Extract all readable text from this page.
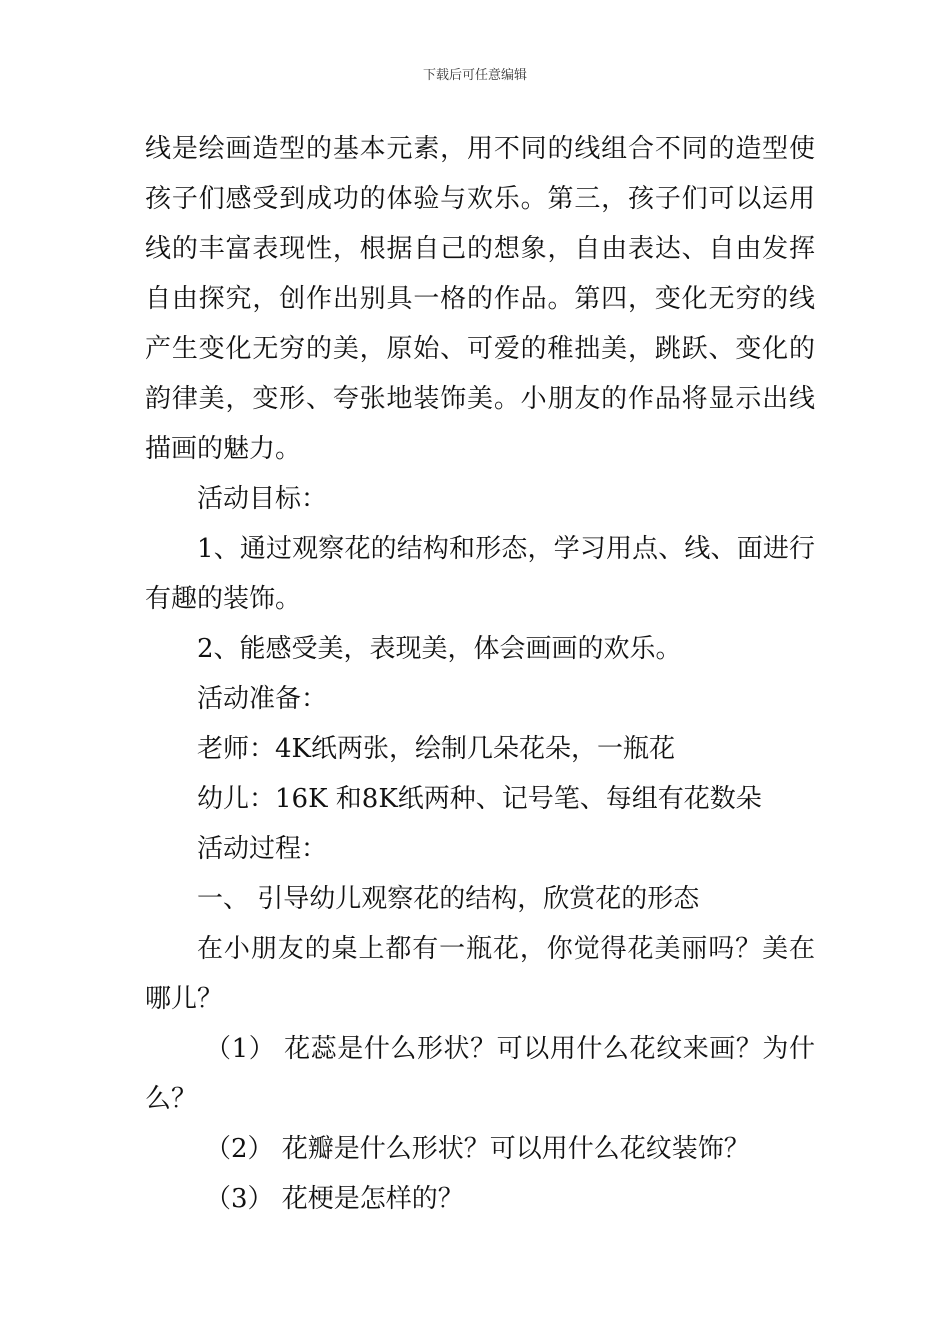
下载后可任意编辑
线是绘画造型的基本元素，用不同的线组合不同的造型使
孩子们感受到成功的体验与欢乐。第三，孩子们可以运用
线的丰富表现性，根据自己的想象，自由表达、自由发挥
自由探究，创作出别具一格的作品。第四，变化无穷的线
产生变化无穷的美，原始、可爱的稚拙美，跳跃、变化的
韵律美，变形、夸张地装饰美。小朋友的作品将显示出线
描画的魅力。
活动目标：
1、通过观察花的结构和形态，学习用点、线、面进行
有趣的装饰。
2、能感受美，表现美，体会画画的欢乐。
活动准备：
老师：4K纸两张，绘制几朵花朵，一瓶花
幼儿：16K 和8K纸两种、记号笔、每组有花数朵
活动过程：
一、 引导幼儿观察花的结构，欣赏花的形态
在小朋友的桌上都有一瓶花，你觉得花美丽吗？美在
哪儿？
（1） 花蕊是什么形状？可以用什么花纹来画？为什
么？
（2） 花瓣是什么形状？可以用什么花纹装饰？
（3） 花梗是怎样的？
